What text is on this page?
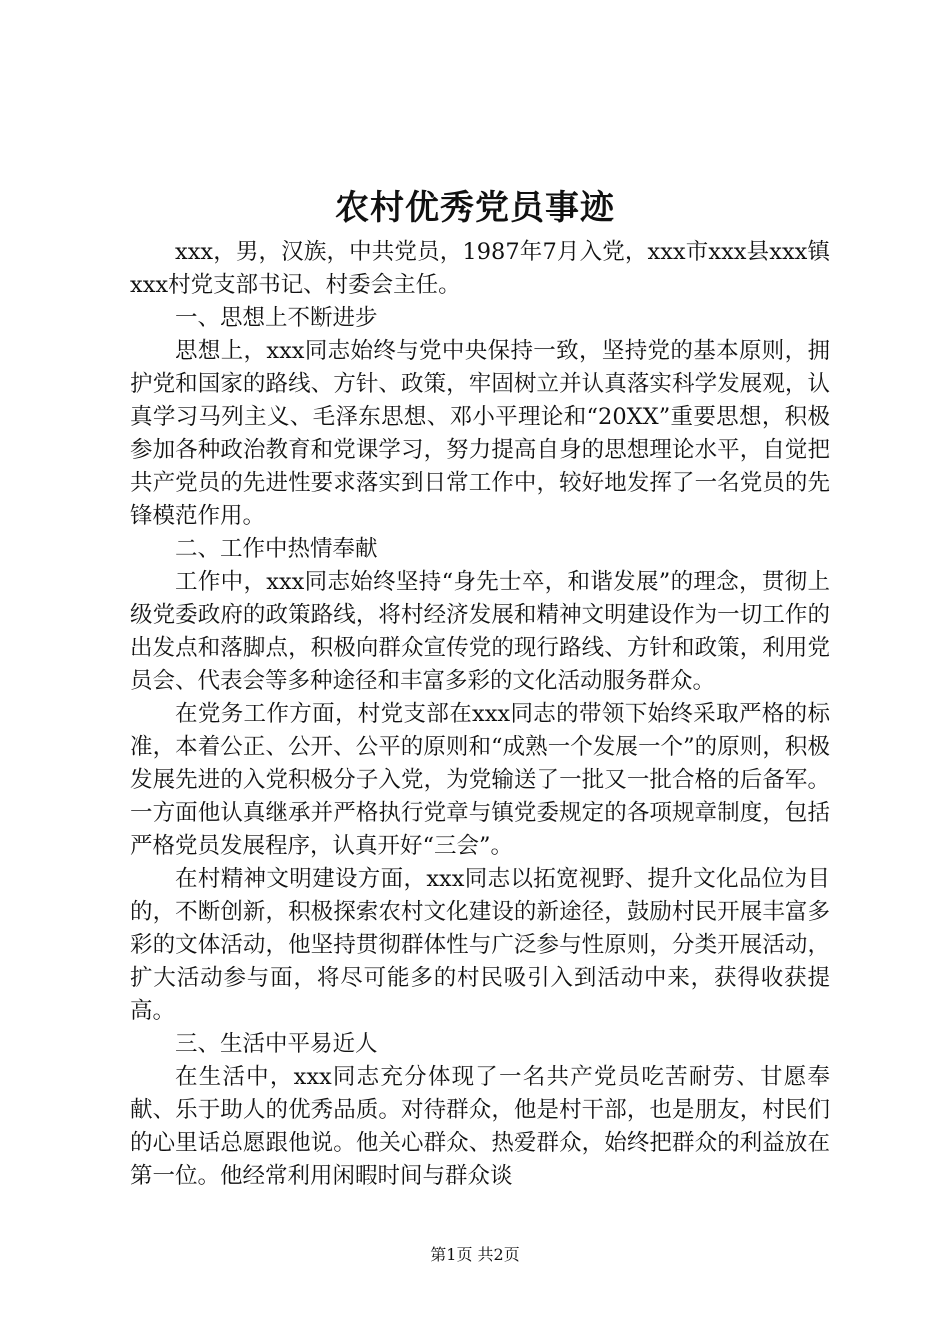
农村优秀党员事迹

xxx，男，汉族，中共党员，1987年7月入党，xxx市xxx县xxx镇xxx村党支部书记、村委会主任。

一、思想上不断进步

思想上，xxx同志始终与党中央保持一致，坚持党的基本原则，拥护党和国家的路线、方针、政策，牢固树立并认真落实科学发展观，认真学习马列主义、毛泽东思想、邓小平理论和“20XX”重要思想，积极参加各种政治教育和党课学习，努力提高自身的思想理论水平，自觉把共产党员的先进性要求落实到日常工作中，较好地发挥了一名党员的先锋模范作用。

二、工作中热情奉献

工作中，xxx同志始终坚持“身先士卒，和谐发展”的理念，贯彻上级党委政府的政策路线，将村经济发展和精神文明建设作为一切工作的出发点和落脚点，积极向群众宣传党的现行路线、方针和政策，利用党员会、代表会等多种途径和丰富多彩的文化活动服务群众。

在党务工作方面，村党支部在xxx同志的带领下始终采取严格的标准，本着公正、公开、公平的原则和“成熟一个发展一个”的原则，积极发展先进的入党积极分子入党，为党输送了一批又一批合格的后备军。一方面他认真继承并严格执行党章与镇党委规定的各项规章制度，包括严格党员发展程序，认真开好“三会”。

在村精神文明建设方面，xxx同志以拓宽视野、提升文化品位为目的，不断创新，积极探索农村文化建设的新途径，鼓励村民开展丰富多彩的文体活动，他坚持贯彻群体性与广泛参与性原则，分类开展活动，扩大活动参与面，将尽可能多的村民吸引入到活动中来，获得收获提高。

三、生活中平易近人

在生活中，xxx同志充分体现了一名共产党员吃苦耐劳、甘愿奉献、乐于助人的优秀品质。对待群众，他是村干部，也是朋友，村民们的心里话总愿跟他说。他关心群众、热爱群众，始终把群众的利益放在第一位。他经常利用闲暇时间与群众谈

第1页 共2页
